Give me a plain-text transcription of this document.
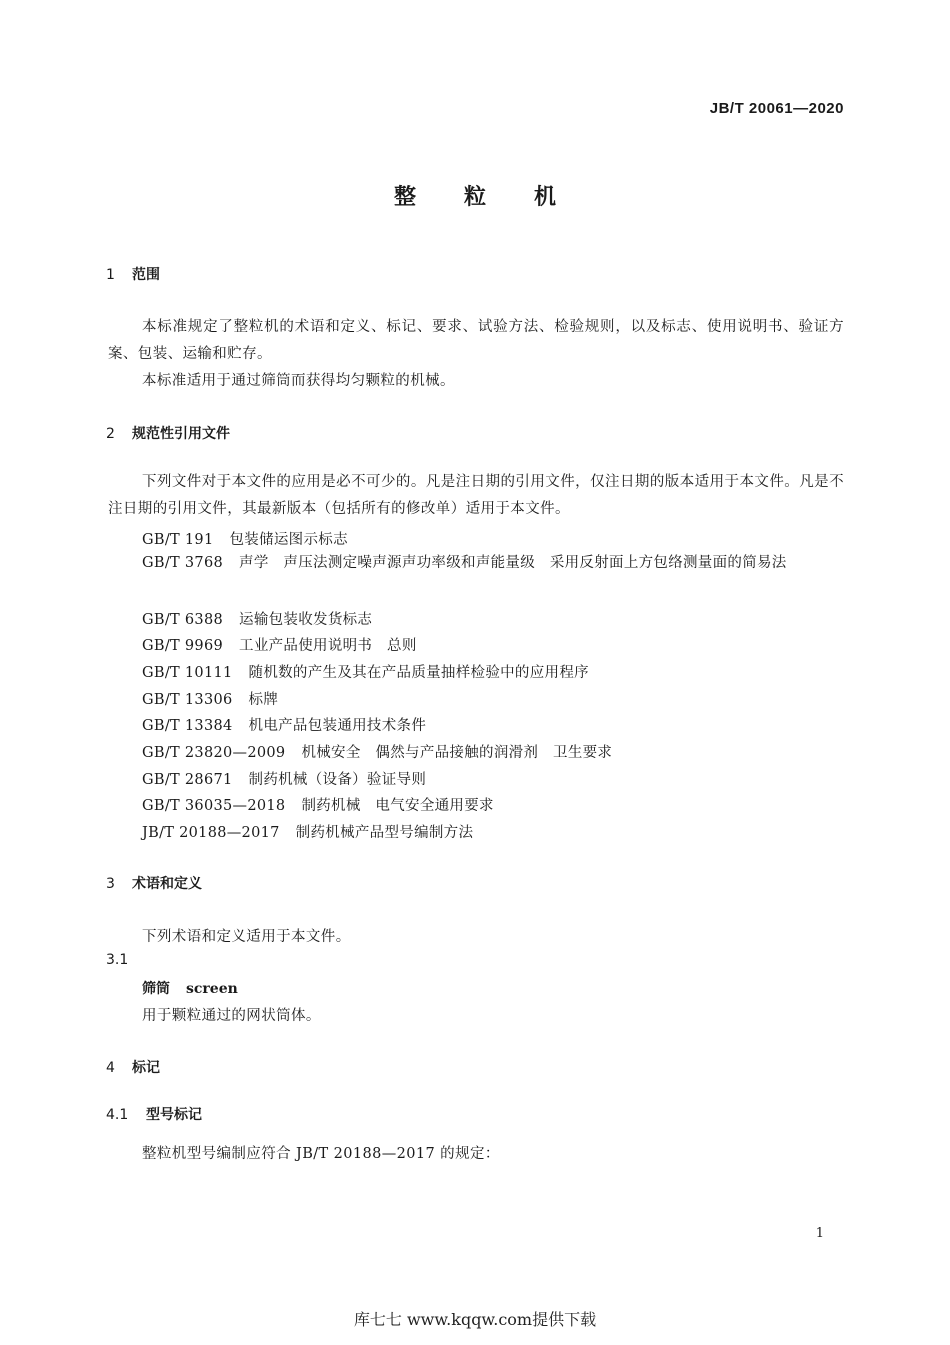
JB/T 20061—2020
整粒机
1 范围
本标准规定了整粒机的术语和定义、标记、要求、试验方法、检验规则，以及标志、使用说明书、验证方案、包装、运输和贮存。
本标准适用于通过筛筒而获得均匀颗粒的机械。
2 规范性引用文件
下列文件对于本文件的应用是必不可少的。凡是注日期的引用文件，仅注日期的版本适用于本文件。凡是不注日期的引用文件，其最新版本（包括所有的修改单）适用于本文件。
GB/T 191 包装储运图示标志
GB/T 3768 声学　声压法测定噪声源声功率级和声能量级　采用反射面上方包络测量面的简易法
GB/T 6388 运输包装收发货标志
GB/T 9969 工业产品使用说明书　总则
GB/T 10111 随机数的产生及其在产品质量抽样检验中的应用程序
GB/T 13306 标牌
GB/T 13384 机电产品包装通用技术条件
GB/T 23820—2009 机械安全　偶然与产品接触的润滑剂　卫生要求
GB/T 28671 制药机械（设备）验证导则
GB/T 36035—2018 制药机械　电气安全通用要求
JB/T 20188—2017 制药机械产品型号编制方法
3 术语和定义
下列术语和定义适用于本文件。
3.1
筛筒 screen
用于颗粒通过的网状筒体。
4 标记
4.1 型号标记
整粒机型号编制应符合 JB/T 20188—2017 的规定：
1
库七七 www.kqqw.com提供下载
